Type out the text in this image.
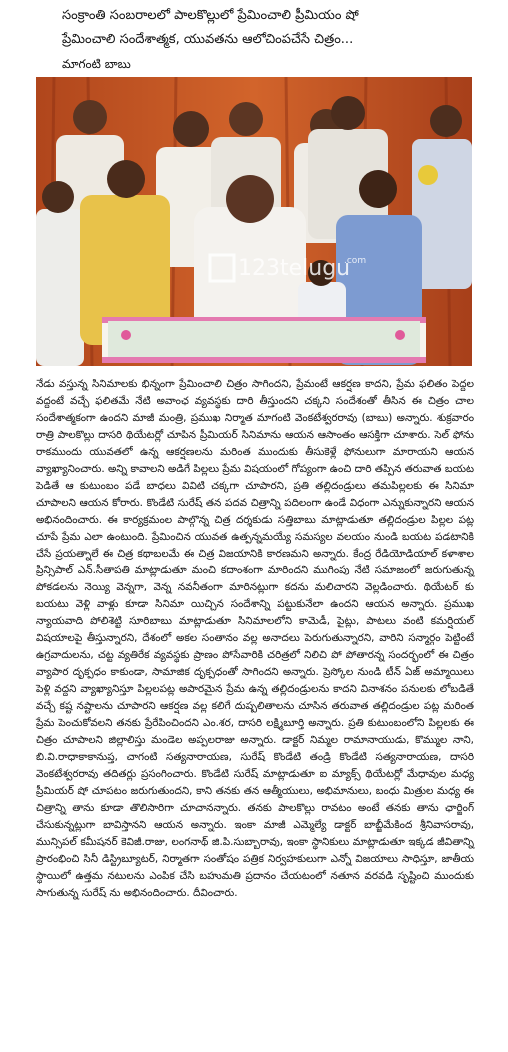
సంక్రాంతి సంబరాలలో పాలకొల్లులో ప్రేమించాలి ప్రీమియం షో
ప్రేమించాలి సందేశాత్మక, యువతను ఆలోచింపచేసే చిత్రం...
మాగంటి బాబు
123telugu
.com

నేడు వస్తున్న సినిమాలకు భిన్నంగా ప్రేమించాలి చిత్రం సాగిందని, ప్రేమంటే ఆకర్షణ కాదని, ప్రేమ ఫలితం పెద్దల వద్దంటే వచ్చే ఫలితమే నేటి అవాంఛ వ్యవస్థకు దారి తీస్తుందని చక్కని సందేశంతో తీసిన ఈ చిత్రం చాల సందేశాత్మకంగా ఉందని మాజీ మంత్రి, ప్రముఖ నిర్మాత మాగంటి వెంకటేశ్వరరావు (బాబు) అన్నారు. శుక్రవారం రాత్రి పాలకొల్లు దాసరి థియేటర్లో చూపిన ప్రీమియర్ సినిమాను ఆయన ఆసాంతం ఆసక్తిగా చూశారు. సెల్ ఫోను రాకముందు యువతలో ఉన్న ఆకర్షణలను మరింత ముందుకు తీసుకెళ్లే ఫోనులుగా మారాయని ఆయన వ్యాఖ్యానించారు. అన్ని కావాలని అడిగే పిల్లలు ప్రేమ విషయంలో గోప్యంగా ఉంచి దారి తప్పిన తరువాత బయట పెడితే ఆ కుటుంబం పడే బాధలు వివిటి చక్కగా చూపారని, ప్రతి తల్లిదండ్రులు తమపిల్లలకు ఈ సినిమా చూపాలని ఆయన కోరారు. కొండేటి సురేష్ తన పదవ చిత్రాన్ని పదిలంగా ఉండే విధంగా ఎన్నుకున్నారని ఆయన అభినందించారు. ఈ కార్యక్రమంల పాల్గొన్న చిత్ర దర్శకుడు సత్తిబాబు మాట్లాడుతూ తల్లిదండ్రుల పిల్లల పట్ల చూపే ప్రేమ ఎలా ఉంటుంది. ప్రేమించిన యువత ఉత్పన్నమయ్యే సమస్యల వలయం నుండి బయట పడటానికి చేసే ప్రయత్నాలే ఈ చిత్ర కథాబలమే ఈ చిత్ర విజయానికి కారణమని అన్నారు. కేంద్ర రేడియోడియాల్ కళాశాల ప్రిన్సిపాల్ ఎన్.సీతాపతి మాట్లాడుతూ మంచి కదాంశంగా మారిందని ముగింపు నేటి సమాజంలో జరుగుతున్న పోకడలను నెయ్యి వెన్నగా, వెన్న నవనీతంగా మారినట్లుగా కదను మలిచారని వెల్లడించారు. థియేటర్ కు బయటు వెళ్లి వాళ్లు కూడా సినిమా యిచ్చిన సందేశాన్ని పట్టుకునేలా ఉందని ఆయన అన్నారు. ప్రముఖ న్యాయవాది పోలిశెట్టి సూరిబాబు మాట్లాడుతూ సినిమాలలోని కామెడీ, పైట్లు, పాటలు వంటి కమర్షియల్ విషయాలపై తీస్తున్నారని, దేశంలో అకల సంతానం వల్ల అనాదలు పెరుగుతున్నారని, వారిని సన్మార్గం పెట్టింటే ఉగ్రవాదులను, చట్ట వ్యతిరేక వ్యవస్థకు ప్రాణం పోసేవారికి చరిత్రలో నిలిచి పో పోతారన్న సందర్భంలో ఈ చిత్రం వ్యాపార దృక్పధం కాకుండా, సామాజిక దృక్పధంతో సాగిందని అన్నారు. ప్రెస్కోల నుండి టీన్ ఏజ్ అమ్మాయిలు పెళ్లి వద్దని వ్యాఖ్యానిస్తూ పిల్లలపట్ల అపారమైన ప్రేమ ఉన్న తల్లిదండ్రులను కాదని వినాశనం పనులకు లోబడితే వచ్చే కష్ట నష్టాలను చూపారని ఆకర్షణ వల్ల కలిగే దుష్పలితాలను చూసిన తరువాత తల్లిదండ్రుల పట్ల మరింత ప్రేమ పెంచుకోవలని తనకు ప్రేరేపించిందని ఎం.శర, దాసరి లక్ష్మిబూర్తి అన్నారు. ప్రతి కుటుంబంలోని పిల్లలకు ఈ చిత్రం చూపాలని జిల్లాలిస్తు మండెల అప్పలరాజు అన్నారు. డాక్టర్ నిమ్మల రామానాయుడు, కొమ్ముల నాని, బి.వి.రాధాకాకానుప్త, చాగంటి సత్యనారాయణ, సురేష్ కొండేటి తండ్రి కొండేటి సత్యనారాయణ, దాసరి వెంకటేశ్వరరావు తదితర్లు ప్రసంగించారు. కొండేటి సురేష్ మాట్లాడుతూ ఐ మ్యాక్స్ థియేటర్లో మేధావుల మధ్య ప్రీమియర్ షో చూపటం జరుగుతుందని, కాని తనకు తన ఆత్మీయులు, అభిమానులు, బంధు మిత్రుల మధ్య ఈ చిత్రాన్ని తాను కూడా తొలిసారిగా చూచానన్నారు. తనకు పాలకొల్లు రావటం అంటే తనకు తాను ఛార్జింగ్ చేసుకున్నట్లుగా బావిస్తానని ఆయన అన్నారు. ఇంకా మాజీ ఎమ్మెల్యే డాక్టర్ బాబ్జీమేకింద శ్రీనివాసరావు, మున్సిపల్ కమీషనర్ కెవిజీ.రాజు, లంగనాథ్ జి.పి.సుబ్బారావు, ఇంకా స్థానికులు మాట్లాడుతూ ఇక్కడ జీవితాన్ని ప్రారంభించి సినీ డిస్ట్రిబ్యూటర్, నిర్మాతగా సంతోషం పత్రిక నిర్వహకులుగా ఎన్నో విజయాలు సాధిస్తూ, జాతీయ స్థాయిలో ఉత్తమ నటులను ఎంపిక చేసి బహుమతి ప్రదానం చేయటంలో నతూన వరవడి సృష్టించి ముందుకు సాగుతున్న సురేష్ ను అభినందించారు. దీవించారు.
